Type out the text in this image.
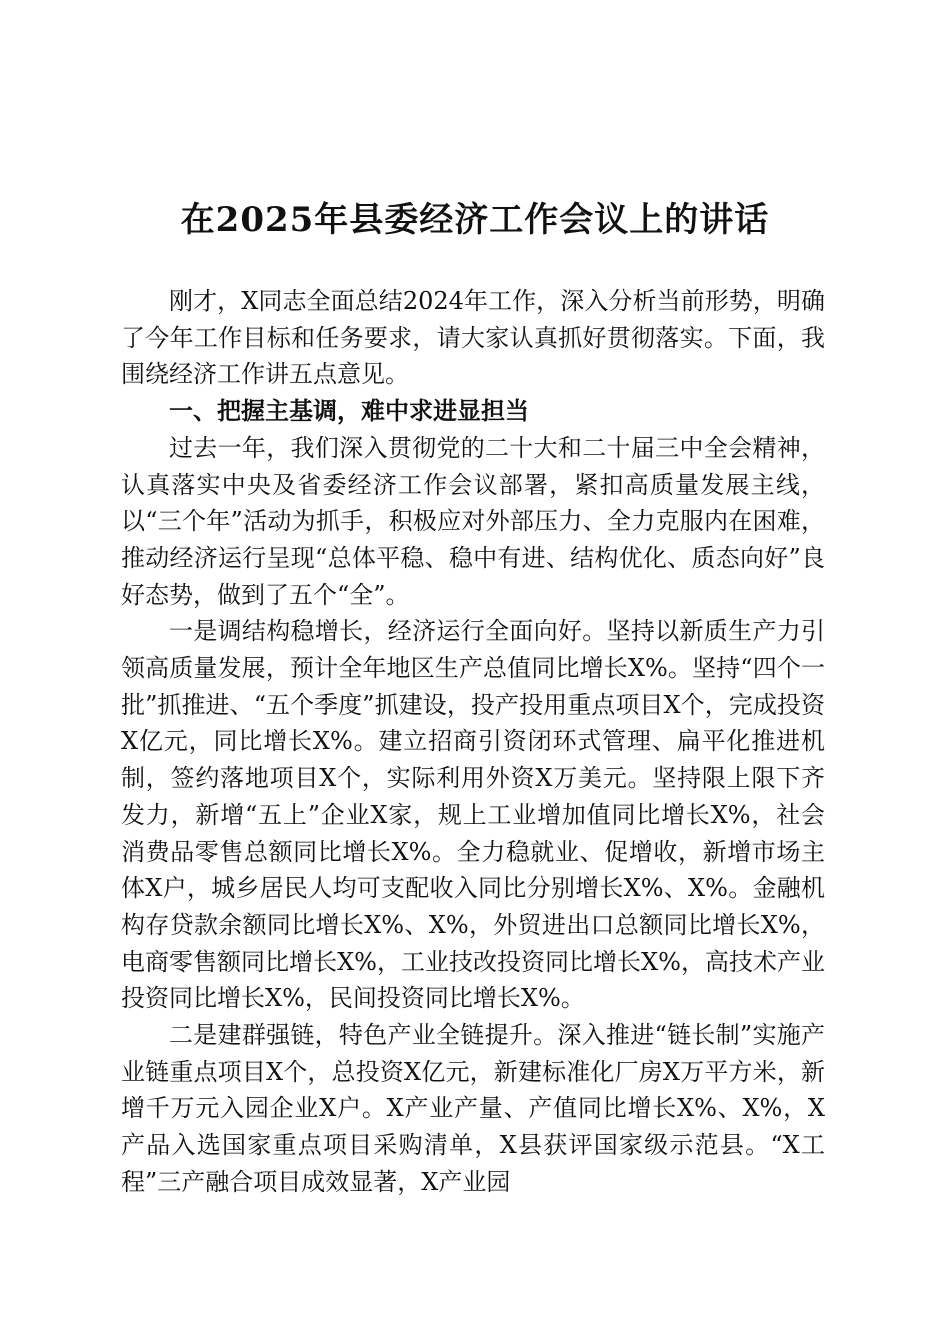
在2025年县委经济工作会议上的讲话

刚才，X同志全面总结2024年工作，深入分析当前形势，明确了今年工作目标和任务要求，请大家认真抓好贯彻落实。下面，我围绕经济工作讲五点意见。

一、把握主基调，难中求进显担当

过去一年，我们深入贯彻党的二十大和二十届三中全会精神，认真落实中央及省委经济工作会议部署，紧扣高质量发展主线，以“三个年”活动为抓手，积极应对外部压力、全力克服内在困难，推动经济运行呈现“总体平稳、稳中有进、结构优化、质态向好”良好态势，做到了五个“全”。

一是调结构稳增长，经济运行全面向好。坚持以新质生产力引领高质量发展，预计全年地区生产总值同比增长X%。坚持“四个一批”抓推进、“五个季度”抓建设，投产投用重点项目X个，完成投资X亿元，同比增长X%。建立招商引资闭环式管理、扁平化推进机制，签约落地项目X个，实际利用外资X万美元。坚持限上限下齐发力，新增“五上”企业X家，规上工业增加值同比增长X%，社会消费品零售总额同比增长X%。全力稳就业、促增收，新增市场主体X户，城乡居民人均可支配收入同比分别增长X%、X%。金融机构存贷款余额同比增长X%、X%，外贸进出口总额同比增长X%，电商零售额同比增长X%，工业技改投资同比增长X%，高技术产业投资同比增长X%，民间投资同比增长X%。

二是建群强链，特色产业全链提升。深入推进“链长制”实施产业链重点项目X个，总投资X亿元，新建标准化厂房X万平方米，新增千万元入园企业X户。X产业产量、产值同比增长X%、X%，X产品入选国家重点项目采购清单，X县获评国家级示范县。“X工程”三产融合项目成效显著，X产业园
